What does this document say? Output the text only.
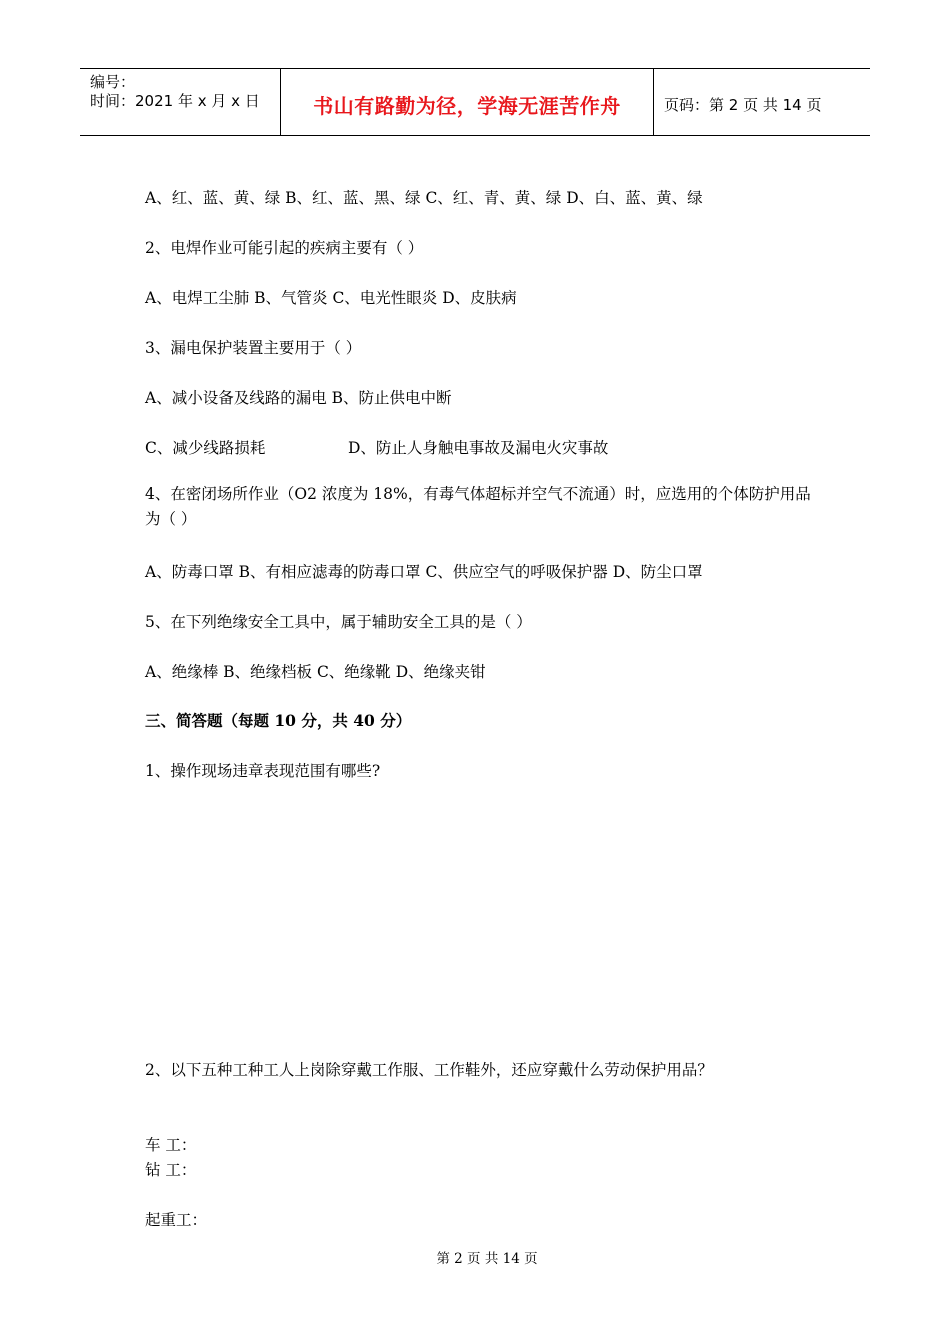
编号：
时间：2021 年 x 月 x 日	书山有路勤为径，学海无涯苦作舟	页码：第 2 页 共 14 页
A、红、蓝、黄、绿 B、红、蓝、黑、绿 C、红、青、黄、绿 D、白、蓝、黄、绿
2、电焊作业可能引起的疾病主要有（ ）
A、电焊工尘肺 B、气管炎 C、电光性眼炎 D、皮肤病
3、漏电保护装置主要用于（ ）
A、减小设备及线路的漏电 B、防止供电中断
C、减少线路损耗	D、防止人身触电事故及漏电火灾事故
4、在密闭场所作业（O2 浓度为 18%，有毒气体超标并空气不流通）时，应选用的个体防护用品为（ ）
A、防毒口罩 B、有相应滤毒的防毒口罩 C、供应空气的呼吸保护器 D、防尘口罩
5、在下列绝缘安全工具中，属于辅助安全工具的是（ ）
A、绝缘棒 B、绝缘档板 C、绝缘靴 D、绝缘夹钳
三、简答题（每题 10 分，共 40 分）
1、操作现场违章表现范围有哪些?
2、以下五种工种工人上岗除穿戴工作服、工作鞋外，还应穿戴什么劳动保护用品？
车 工：
钻 工：
起重工：
第 2 页 共 14 页
